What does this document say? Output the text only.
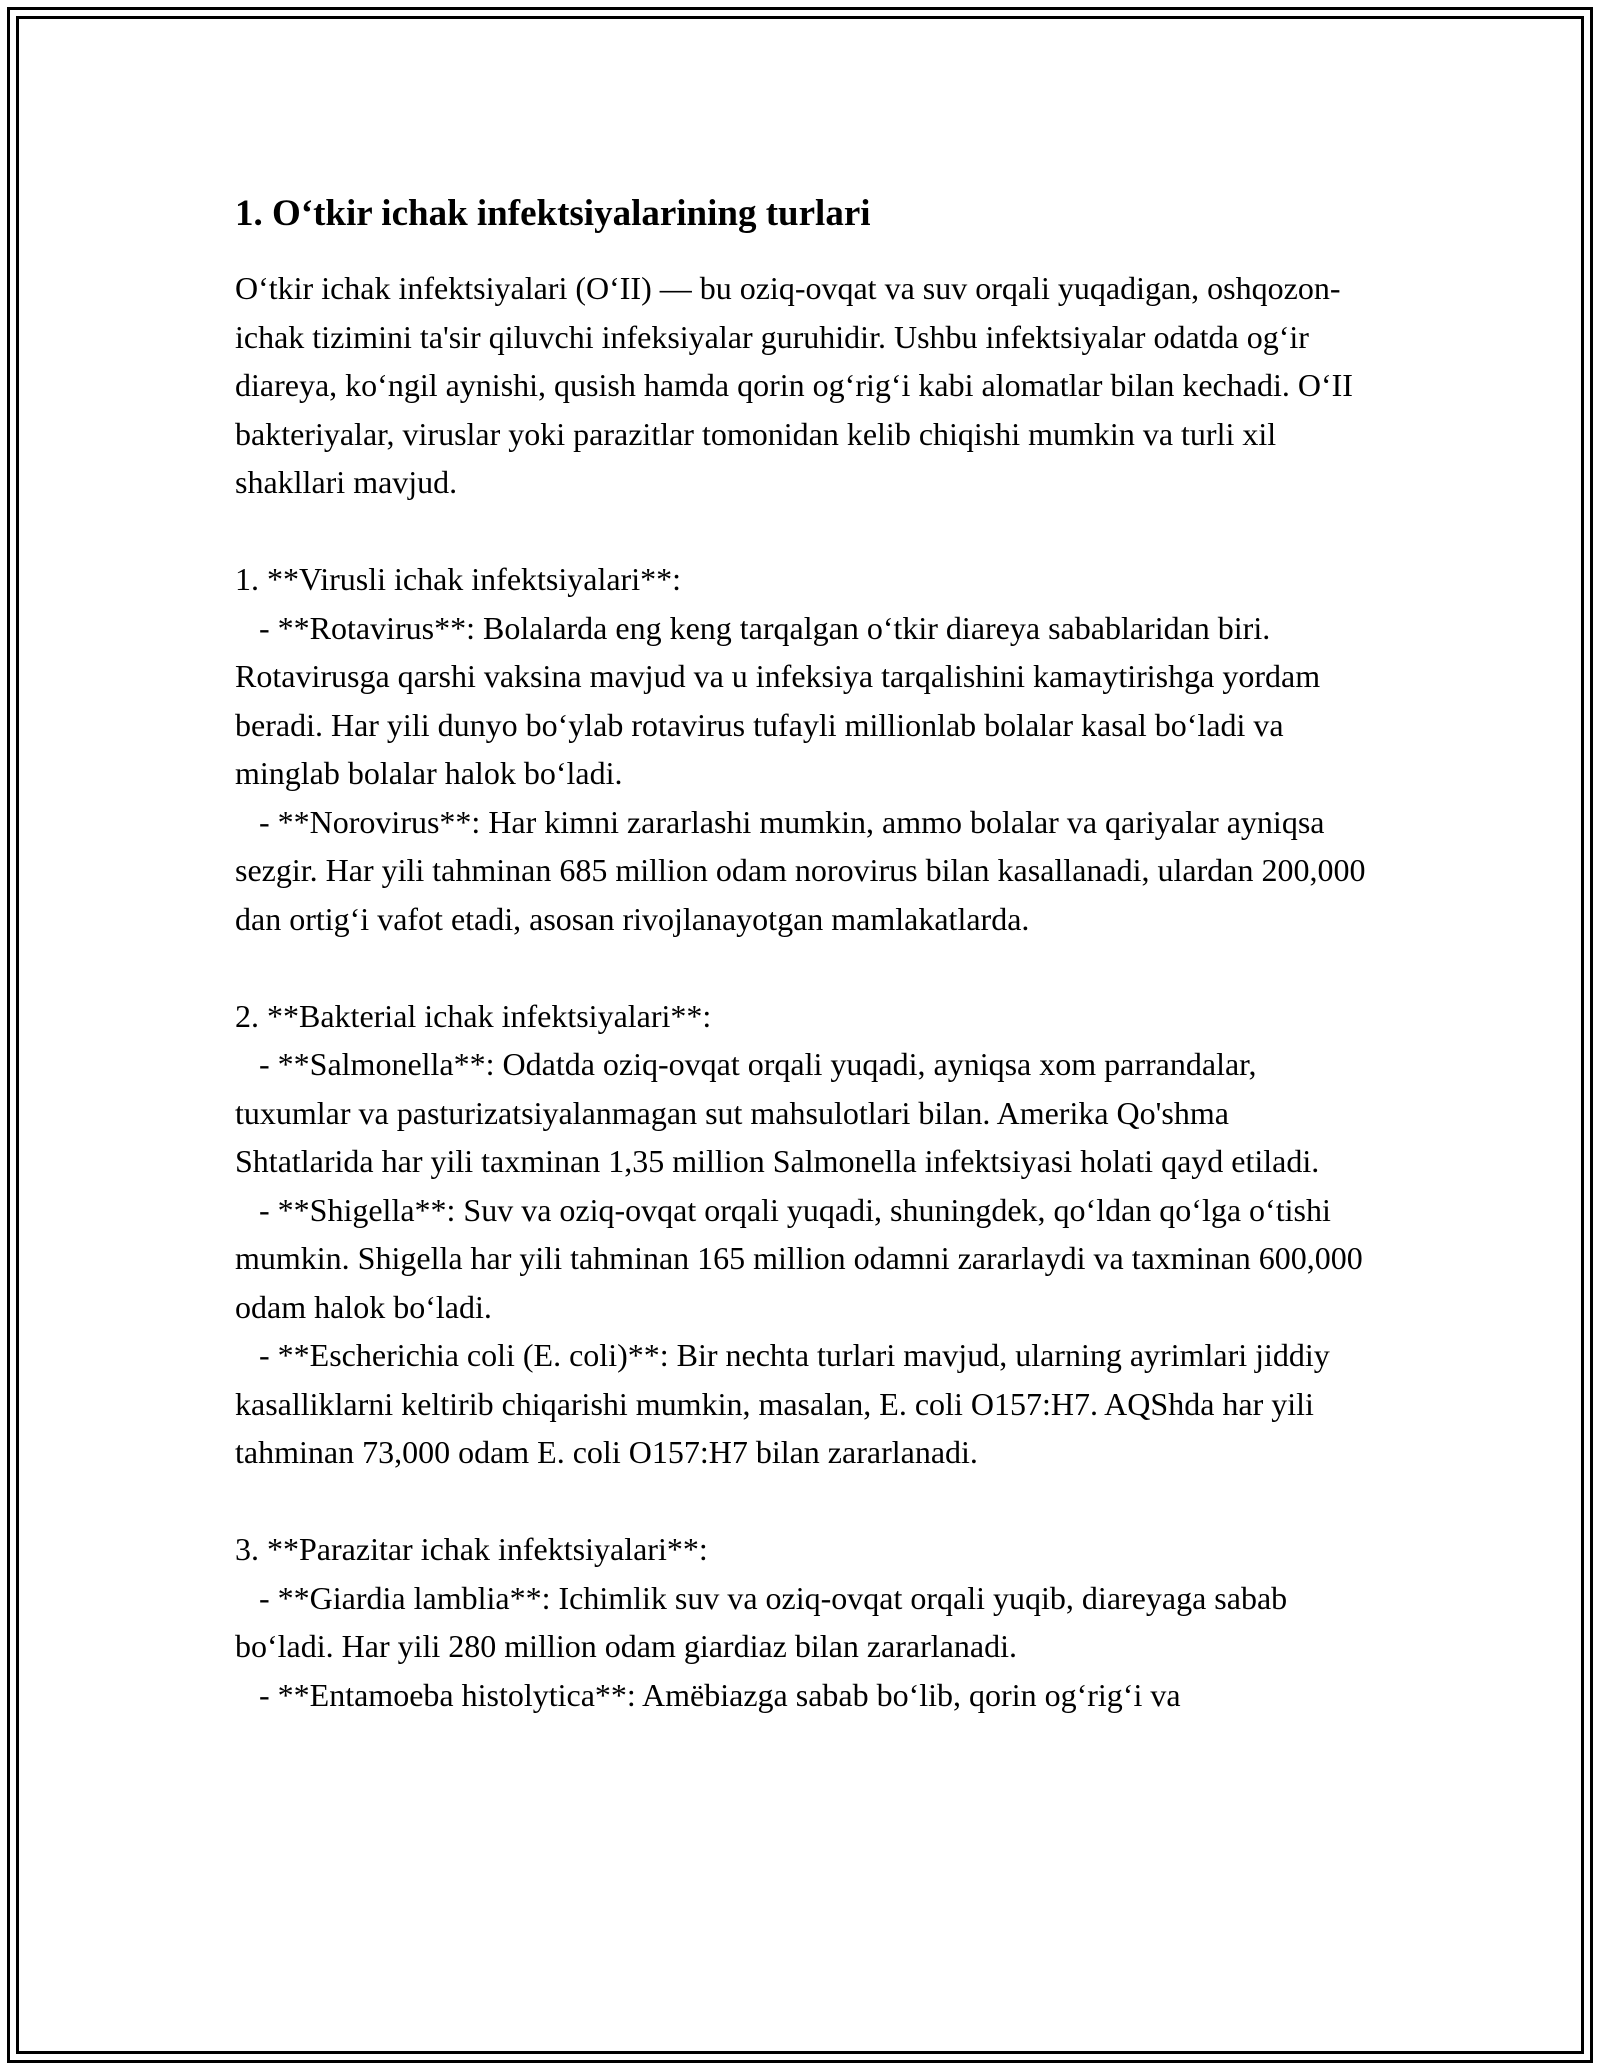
1. O‘tkir ichak infektsiyalarining turlari

O‘tkir ichak infektsiyalari (O‘II) — bu oziq-ovqat va suv orqali yuqadigan, oshqozon-ichak tizimini ta'sir qiluvchi infeksiyalar guruhidir. Ushbu infektsiyalar odatda og‘ir diareya, ko‘ngil aynishi, qusish hamda qorin og‘rig‘i kabi alomatlar bilan kechadi. O‘II bakteriyalar, viruslar yoki parazitlar tomonidan kelib chiqishi mumkin va turli xil shakllari mavjud.

1. **Virusli ichak infektsiyalari**:

- **Rotavirus**: Bolalarda eng keng tarqalgan o‘tkir diareya sabablaridan biri. Rotavirusga qarshi vaksina mavjud va u infeksiya tarqalishini kamaytirishga yordam beradi. Har yili dunyo bo‘ylab rotavirus tufayli millionlab bolalar kasal bo‘ladi va minglab bolalar halok bo‘ladi.

- **Norovirus**: Har kimni zararlashi mumkin, ammo bolalar va qariyalar ayniqsa sezgir. Har yili tahminan 685 million odam norovirus bilan kasallanadi, ulardan 200,000 dan ortig‘i vafot etadi, asosan rivojlanayotgan mamlakatlarda.

2. **Bakterial ichak infektsiyalari**:

- **Salmonella**: Odatda oziq-ovqat orqali yuqadi, ayniqsa xom parrandalar, tuxumlar va pasturizatsiyalanmagan sut mahsulotlari bilan. Amerika Qo'shma Shtatlarida har yili taxminan 1,35 million Salmonella infektsiyasi holati qayd etiladi.

- **Shigella**: Suv va oziq-ovqat orqali yuqadi, shuningdek, qo‘ldan qo‘lga o‘tishi mumkin. Shigella har yili tahminan 165 million odamni zararlaydi va taxminan 600,000 odam halok bo‘ladi.

- **Escherichia coli (E. coli)**: Bir nechta turlari mavjud, ularning ayrimlari jiddiy kasalliklarni keltirib chiqarishi mumkin, masalan, E. coli O157:H7. AQShda har yili tahminan 73,000 odam E. coli O157:H7 bilan zararlanadi.

3. **Parazitar ichak infektsiyalari**:

- **Giardia lamblia**: Ichimlik suv va oziq-ovqat orqali yuqib, diareyaga sabab bo‘ladi. Har yili 280 million odam giardiaz bilan zararlanadi.

- **Entamoeba histolytica**: Amëbiazga sabab bo‘lib, qorin og‘rig‘i va
